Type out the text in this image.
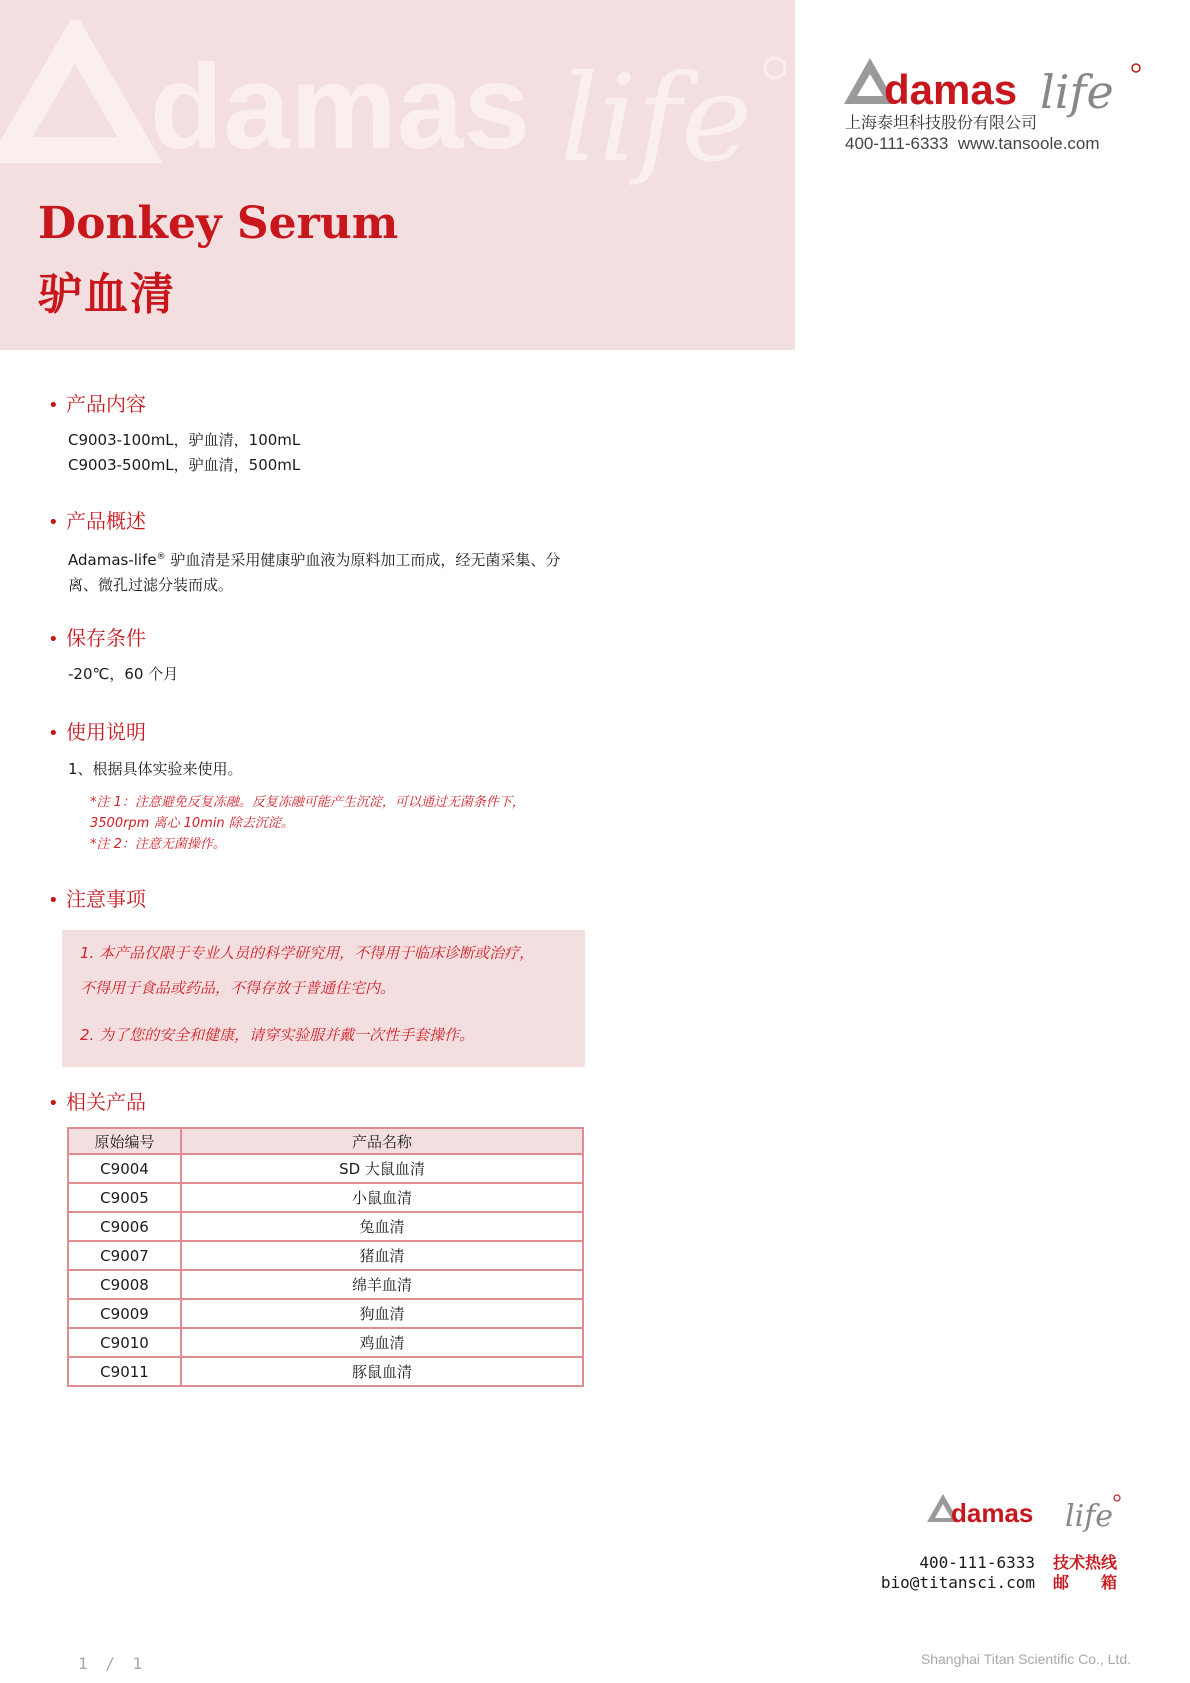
damas life
Donkey Serum
驴血清
damas life
上海泰坦科技股份有限公司
400-111-6333 www.tansoole.com
• 产品内容
C9003-100mL，驴血清，100mL
C9003-500mL，驴血清，500mL
• 产品概述
Adamas-life® 驴血清是采用健康驴血液为原料加工而成，经无菌采集、分
离、微孔过滤分装而成。
• 保存条件
-20℃，60 个月
• 使用说明
1、根据具体实验来使用。
*注 1：注意避免反复冻融。反复冻融可能产生沉淀，可以通过无菌条件下，
3500rpm 离心 10min 除去沉淀。
*注 2：注意无菌操作。
• 注意事项
1. 本产品仅限于专业人员的科学研究用，不得用于临床诊断或治疗，
不得用于食品或药品，不得存放于普通住宅内。
2. 为了您的安全和健康，请穿实验服并戴一次性手套操作。
• 相关产品
原始编号	产品名称
C9004	SD 大鼠血清
C9005	小鼠血清
C9006	兔血清
C9007	猪血清
C9008	绵羊血清
C9009	狗血清
C9010	鸡血清
C9011	豚鼠血清
damas life
400-111-6333 技术热线
bio@titansci.com 邮　　箱
1 / 1	Shanghai Titan Scientific Co., Ltd.
